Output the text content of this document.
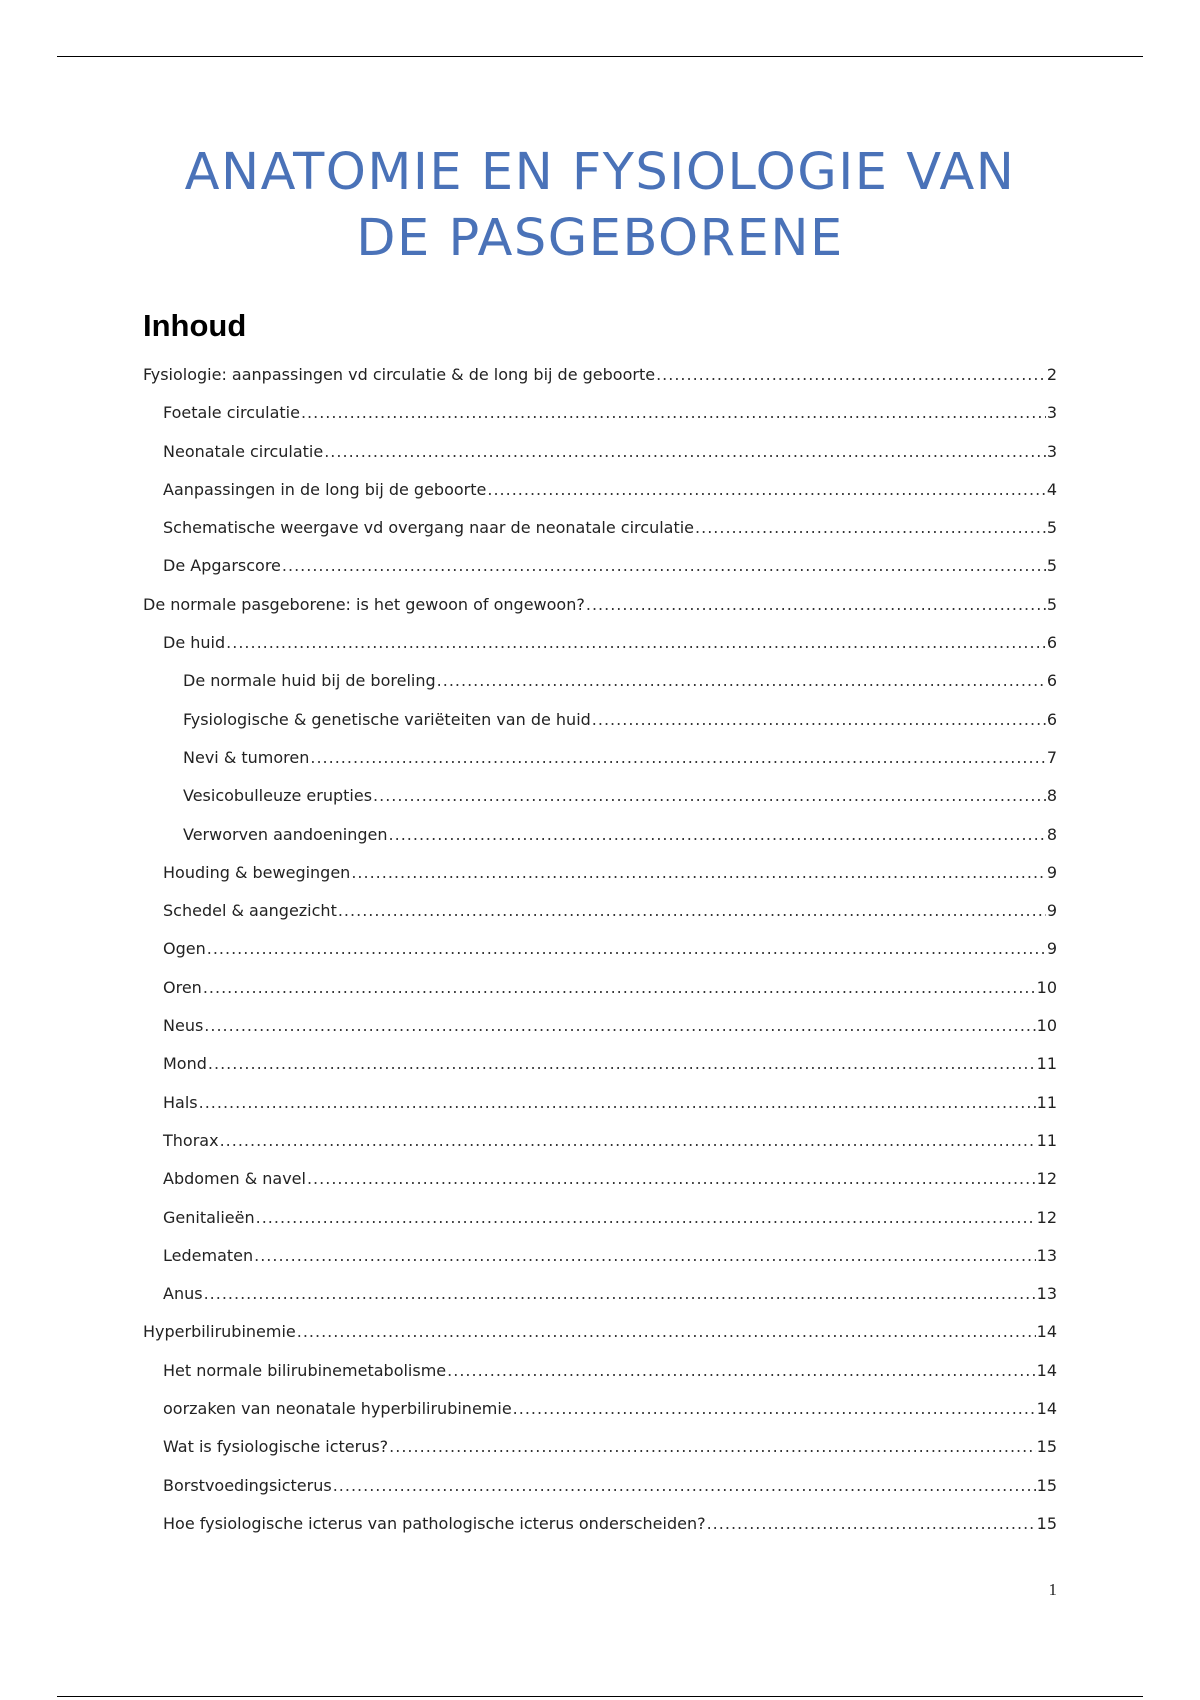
ANATOMIE EN FYSIOLOGIE VAN DE PASGEBORENE
Inhoud
Fysiologie: aanpassingen vd circulatie & de long bij de geboorte .....	2
Foetale circulatie .....	3
Neonatale circulatie .....	3
Aanpassingen in de long bij de geboorte .....	4
Schematische weergave vd overgang naar de neonatale circulatie .....	5
De Apgarscore .....	5
De normale pasgeborene: is het gewoon of ongewoon? .....	5
De huid .....	6
De normale huid bij de boreling .....	6
Fysiologische & genetische variëteiten van de huid .....	6
Nevi & tumoren .....	7
Vesicobulleuze erupties .....	8
Verworven aandoeningen .....	8
Houding & bewegingen .....	9
Schedel & aangezicht .....	9
Ogen .....	9
Oren .....	10
Neus .....	10
Mond .....	11
Hals .....	11
Thorax .....	11
Abdomen & navel .....	12
Genitalieën .....	12
Ledematen .....	13
Anus .....	13
Hyperbilirubinemie .....	14
Het normale bilirubinemetabolisme .....	14
oorzaken van neonatale hyperbilirubinemie .....	14
Wat is fysiologische icterus? .....	15
Borstvoedingsicterus .....	15
Hoe fysiologische icterus van pathologische icterus onderscheiden? .....	15
1
